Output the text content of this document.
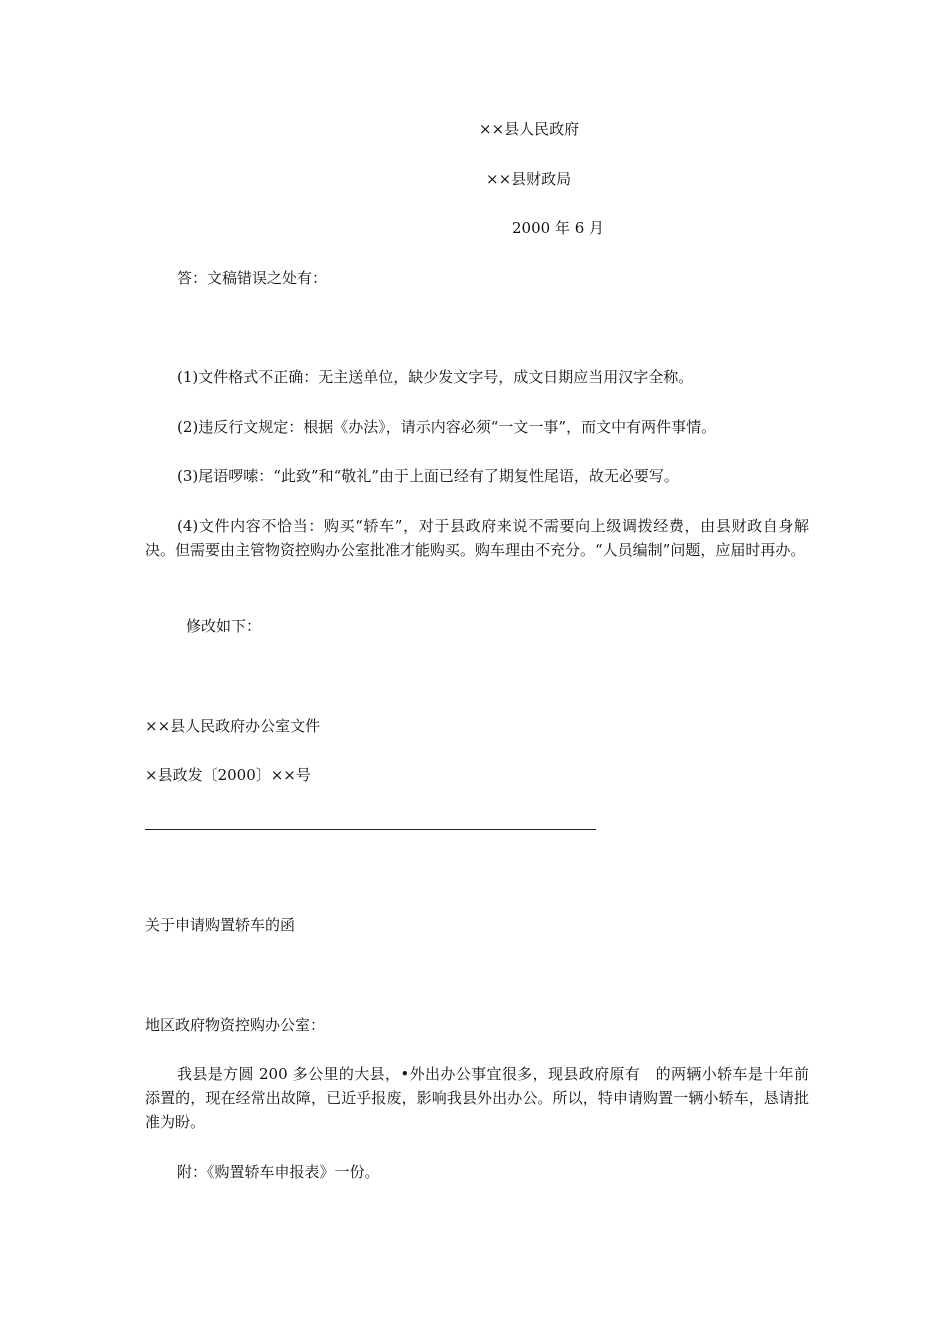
××县人民政府

××县财政局

2000 年 6 月

答：文稿错误之处有：

(1)文件格式不正确：无主送单位，缺少发文字号，成文日期应当用汉字全称。

(2)违反行文规定：根据《办法》，请示内容必须“一文一事”，而文中有两件事情。

(3)尾语啰嗦：“此致”和“敬礼”由于上面已经有了期复性尾语，故无必要写。

(4)文件内容不恰当：购买“轿车”，对于县政府来说不需要向上级调拨经费，由县财政自身解决。但需要由主管物资控购办公室批准才能购买。购车理由不充分。“人员编制”问题，应届时再办。

修改如下：

××县人民政府办公室文件

×县政发〔2000〕××号

关于申请购置轿车的函

地区政府物资控购办公室：

我县是方圆 200 多公里的大县，•外出办公事宜很多，现县政府原有　的两辆小轿车是十年前添置的，现在经常出故障，已近乎报废，影响我县外出办公。所以，特申请购置一辆小轿车，恳请批准为盼。

附：《购置轿车申报表》一份。
